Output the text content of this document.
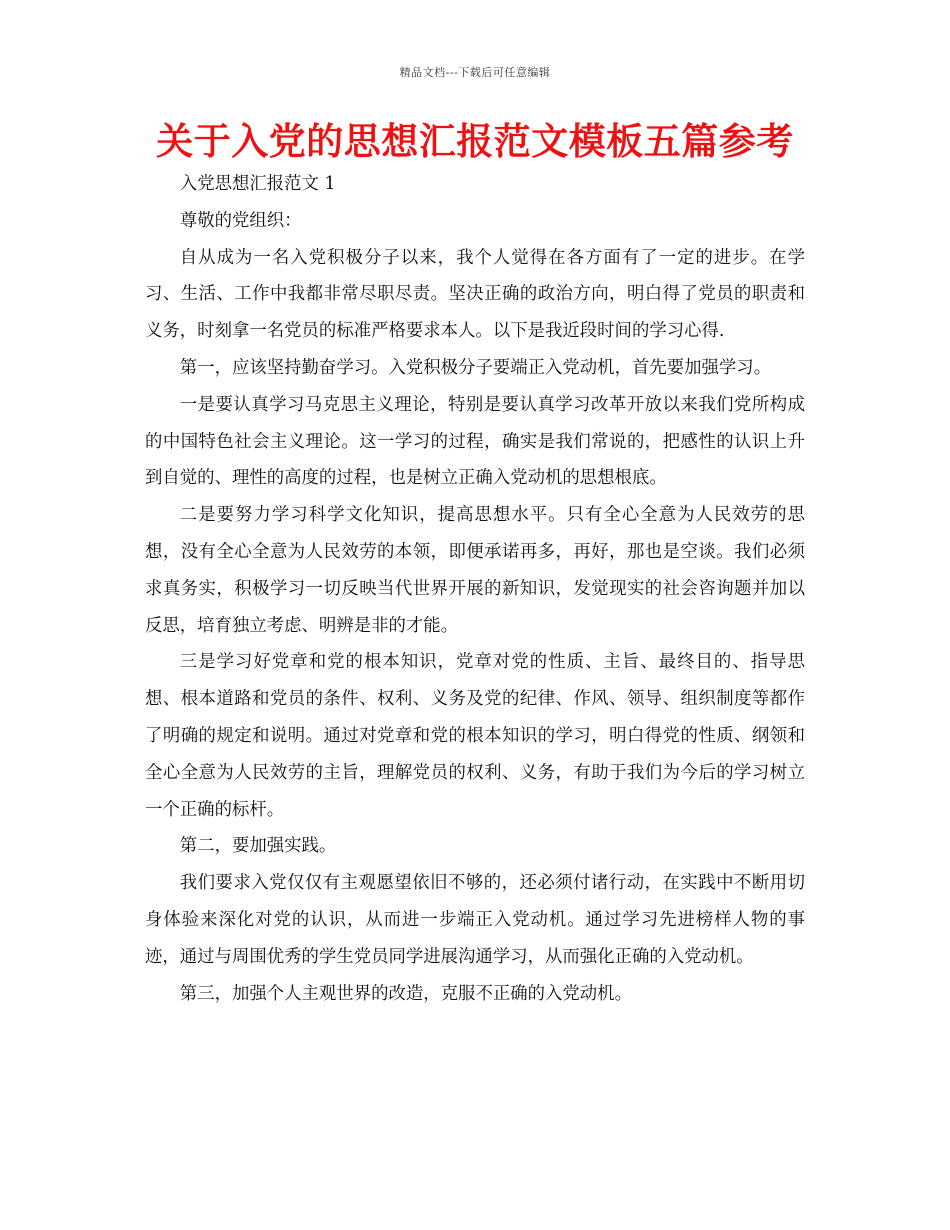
精品文档---下载后可任意编辑
关于入党的思想汇报范文模板五篇参考

入党思想汇报范文 1

尊敬的党组织：

自从成为一名入党积极分子以来，我个人觉得在各方面有了一定的进步。在学习、生活、工作中我都非常尽职尽责。坚决正确的政治方向，明白得了党员的职责和义务，时刻拿一名党员的标准严格要求本人。以下是我近段时间的学习心得.

第一，应该坚持勤奋学习。入党积极分子要端正入党动机，首先要加强学习。

一是要认真学习马克思主义理论，特别是要认真学习改革开放以来我们党所构成的中国特色社会主义理论。这一学习的过程，确实是我们常说的，把感性的认识上升到自觉的、理性的高度的过程，也是树立正确入党动机的思想根底。

二是要努力学习科学文化知识，提高思想水平。只有全心全意为人民效劳的思想，没有全心全意为人民效劳的本领，即便承诺再多，再好，那也是空谈。我们必须求真务实，积极学习一切反映当代世界开展的新知识，发觉现实的社会咨询题并加以反思，培育独立考虑、明辨是非的才能。

三是学习好党章和党的根本知识，党章对党的性质、主旨、最终目的、指导思想、根本道路和党员的条件、权利、义务及党的纪律、作风、领导、组织制度等都作了明确的规定和说明。通过对党章和党的根本知识的学习，明白得党的性质、纲领和全心全意为人民效劳的主旨，理解党员的权利、义务，有助于我们为今后的学习树立一个正确的标杆。

第二，要加强实践。

我们要求入党仅仅有主观愿望依旧不够的，还必须付诸行动，在实践中不断用切身体验来深化对党的认识，从而进一步端正入党动机。通过学习先进榜样人物的事迹，通过与周围优秀的学生党员同学进展沟通学习，从而强化正确的入党动机。

第三，加强个人主观世界的改造，克服不正确的入党动机。
